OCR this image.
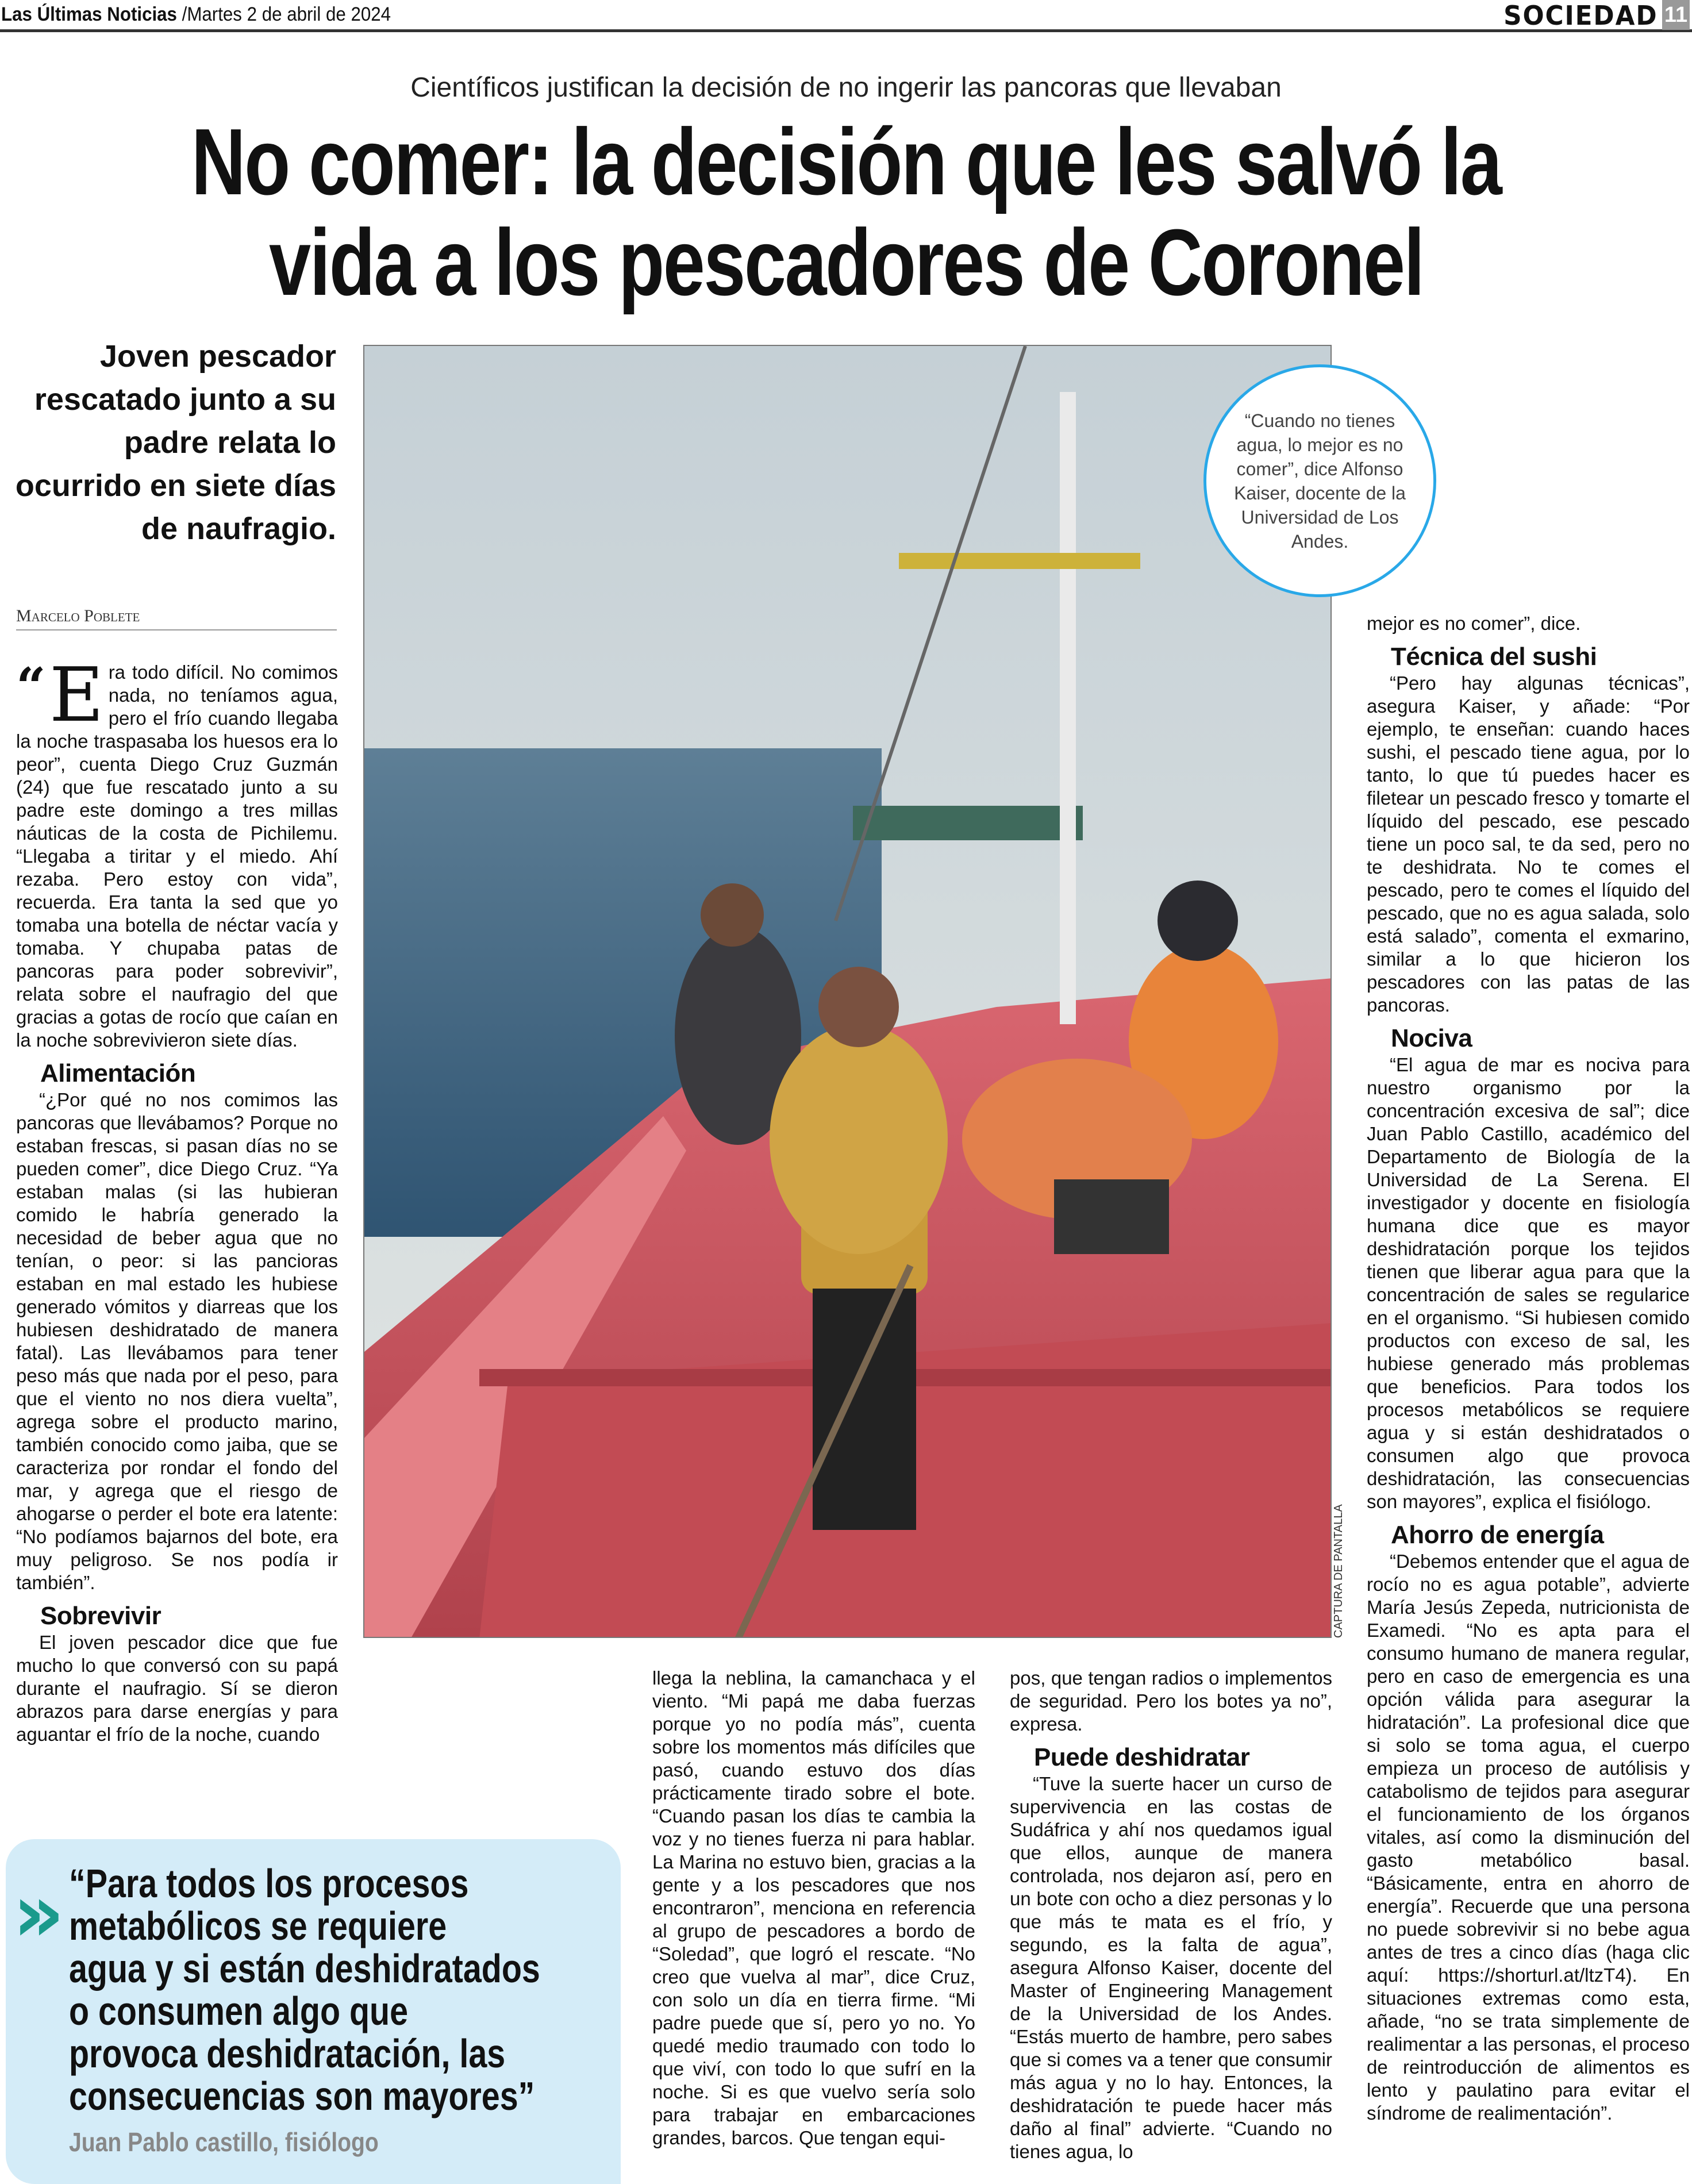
Las Últimas Noticias /Martes 2 de abril de 2024	SOCIEDAD 11
Científicos justifican la decisión de no ingerir las pancoras que llevaban
No comer: la decisión que les salvó la
vida a los pescadores de Coronel
Joven pescador rescatado junto a su padre relata lo ocurrido en siete días de naufragio.
Marcelo Poblete
“Cuando no tienes agua, lo mejor es no comer”, dice Alfonso Kaiser, docente de la Universidad de Los Andes.
CAPTURA DE PANTALLA
“ E ra todo difícil. No comimos nada, no teníamos agua, pero el frío cuando llegaba la noche traspasaba los huesos era lo peor”, cuenta Diego Cruz Guzmán (24) que fue rescatado junto a su padre este domingo a tres millas náuticas de la costa de Pichilemu. “Llegaba a tiritar y el miedo. Ahí rezaba. Pero estoy con vida”, recuerda. Era tanta la sed que yo tomaba una botella de néctar vacía y tomaba. Y chupaba patas de pancoras para poder sobrevivir”, relata sobre el naufragio del que gracias a gotas de rocío que caían en la noche sobrevivieron siete días.

Alimentación

“¿Por qué no nos comimos las pancoras que llevábamos? Porque no estaban frescas, si pasan días no se pueden comer”, dice Diego Cruz. “Ya estaban malas (si las hubieran comido le habría generado la necesidad de beber agua que no tenían, o peor: si las pancioras estaban en mal estado les hubiese generado vómitos y diarreas que los hubiesen deshidratado de manera fatal). Las llevábamos para tener peso más que nada por el peso, para que el viento no nos diera vuelta”, agrega sobre el producto marino, también conocido como jaiba, que se caracteriza por rondar el fondo del mar, y agrega que el riesgo de ahogarse o perder el bote era latente: “No podíamos bajarnos del bote, era muy peligroso. Se nos podía ir también”.

Sobrevivir

El joven pescador dice que fue mucho lo que conversó con su papá durante el naufragio. Sí se dieron abrazos para darse energías y para aguantar el frío de la noche, cuando

llega la neblina, la camanchaca y el viento. “Mi papá me daba fuerzas porque yo no podía más”, cuenta sobre los momentos más difíciles que pasó, cuando estuvo dos días prácticamente tirado sobre el bote. “Cuando pasan los días te cambia la voz y no tienes fuerza ni para hablar. La Marina no estuvo bien, gracias a la gente y a los pescadores que nos encontraron”, menciona en referencia al grupo de pescadores a bordo de “Soledad”, que logró el rescate. “No creo que vuelva al mar”, dice Cruz, con solo un día en tierra firme. “Mi padre puede que sí, pero yo no. Yo quedé medio traumado con todo lo que viví, con todo lo que sufrí en la noche. Si es que vuelvo sería solo para trabajar en embarcaciones grandes, barcos. Que tengan equi-

pos, que tengan radios o implementos de seguridad. Pero los botes ya no”, expresa.

Puede deshidratar

“Tuve la suerte hacer un curso de supervivencia en las costas de Sudáfrica y ahí nos quedamos igual que ellos, aunque de manera controlada, nos dejaron así, pero en un bote con ocho a diez personas y lo que más te mata es el frío, y segundo, es la falta de agua”, asegura Alfonso Kaiser, docente del Master of Engineering Management de la Universidad de los Andes. “Estás muerto de hambre, pero sabes que si comes va a tener que consumir más agua y no lo hay. Entonces, la deshidratación te puede hacer más daño al final” advierte. “Cuando no tienes agua, lo

mejor es no comer”, dice.

Técnica del sushi

“Pero hay algunas técnicas”, asegura Kaiser, y añade: “Por ejemplo, te enseñan: cuando haces sushi, el pescado tiene agua, por lo tanto, lo que tú puedes hacer es filetear un pescado fresco y tomarte el líquido del pescado, ese pescado tiene un poco sal, te da sed, pero no te deshidrata. No te comes el pescado, pero te comes el líquido del pescado, que no es agua salada, solo está salado”, comenta el exmarino, similar a lo que hicieron los pescadores con las patas de las pancoras.

Nociva

“El agua de mar es nociva para nuestro organismo por la concentración excesiva de sal”; dice Juan Pablo Castillo, académico del Departamento de Biología de la Universidad de La Serena. El investigador y docente en fisiología humana dice que es mayor deshidratación porque los tejidos tienen que liberar agua para que la concentración de sales se regularice en el organismo. “Si hubiesen comido productos con exceso de sal, les hubiese generado más problemas que beneficios. Para todos los procesos metabólicos se requiere agua y si están deshidratados o consumen algo que provoca deshidratación, las consecuencias son mayores”, explica el fisiólogo.

Ahorro de energía

“Debemos entender que el agua de rocío no es agua potable”, advierte María Jesús Zepeda, nutricionista de Examedi. “No es apta para el consumo humano de manera regular, pero en caso de emergencia es una opción válida para asegurar la hidratación”. La profesional dice que si solo se toma agua, el cuerpo empieza un proceso de autólisis y catabolismo de tejidos para asegurar el funcionamiento de los órganos vitales, así como la disminución del gasto metabólico basal. “Básicamente, entra en ahorro de energía”. Recuerde que una persona no puede sobrevivir si no bebe agua antes de tres a cinco días (haga clic aquí: https://shorturl.at/ltzT4). En situaciones extremas como esta, añade, “no se trata simplemente de realimentar a las personas, el proceso de reintroducción de alimentos es lento y paulatino para evitar el síndrome de realimentación”.

» “Para todos los procesos
metabólicos se requiere
agua y si están deshidratados
o consumen algo que
provoca deshidratación, las
consecuencias son mayores”
Juan Pablo castillo, fisiólogo
